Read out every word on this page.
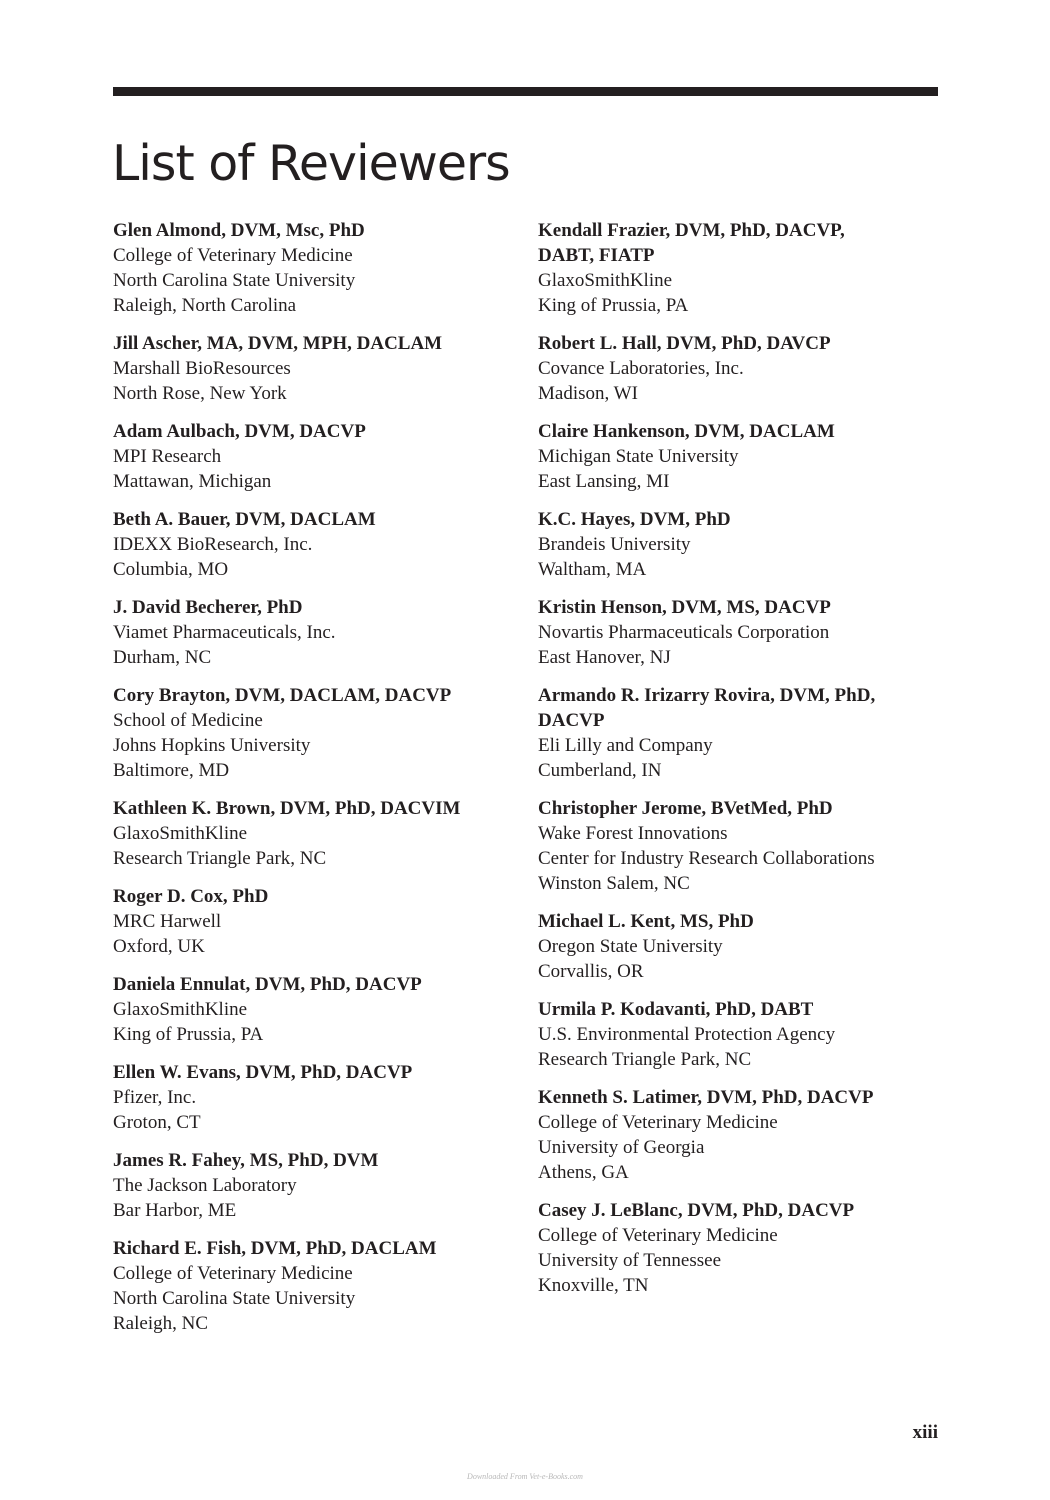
List of Reviewers
Glen Almond, DVM, Msc, PhD
College of Veterinary Medicine
North Carolina State University
Raleigh, North Carolina
Jill Ascher, MA, DVM, MPH, DACLAM
Marshall BioResources
North Rose, New York
Adam Aulbach, DVM, DACVP
MPI Research
Mattawan, Michigan
Beth A. Bauer, DVM, DACLAM
IDEXX BioResearch, Inc.
Columbia, MO
J. David Becherer, PhD
Viamet Pharmaceuticals, Inc.
Durham, NC
Cory Brayton, DVM, DACLAM, DACVP
School of Medicine
Johns Hopkins University
Baltimore, MD
Kathleen K. Brown, DVM, PhD, DACVIM
GlaxoSmithKline
Research Triangle Park, NC
Roger D. Cox, PhD
MRC Harwell
Oxford, UK
Daniela Ennulat, DVM, PhD, DACVP
GlaxoSmithKline
King of Prussia, PA
Ellen W. Evans, DVM, PhD, DACVP
Pfizer, Inc.
Groton, CT
James R. Fahey, MS, PhD, DVM
The Jackson Laboratory
Bar Harbor, ME
Richard E. Fish, DVM, PhD, DACLAM
College of Veterinary Medicine
North Carolina State University
Raleigh, NC
Kendall Frazier, DVM, PhD, DACVP, DABT, FIATP
GlaxoSmithKline
King of Prussia, PA
Robert L. Hall, DVM, PhD, DAVCP
Covance Laboratories, Inc.
Madison, WI
Claire Hankenson, DVM, DACLAM
Michigan State University
East Lansing, MI
K.C. Hayes, DVM, PhD
Brandeis University
Waltham, MA
Kristin Henson, DVM, MS, DACVP
Novartis Pharmaceuticals Corporation
East Hanover, NJ
Armando R. Irizarry Rovira, DVM, PhD, DACVP
Eli Lilly and Company
Cumberland, IN
Christopher Jerome, BVetMed, PhD
Wake Forest Innovations
Center for Industry Research Collaborations
Winston Salem, NC
Michael L. Kent, MS, PhD
Oregon State University
Corvallis, OR
Urmila P. Kodavanti, PhD, DABT
U.S. Environmental Protection Agency
Research Triangle Park, NC
Kenneth S. Latimer, DVM, PhD, DACVP
College of Veterinary Medicine
University of Georgia
Athens, GA
Casey J. LeBlanc, DVM, PhD, DACVP
College of Veterinary Medicine
University of Tennessee
Knoxville, TN
xiii
Downloaded From Vet-e-Books.com
